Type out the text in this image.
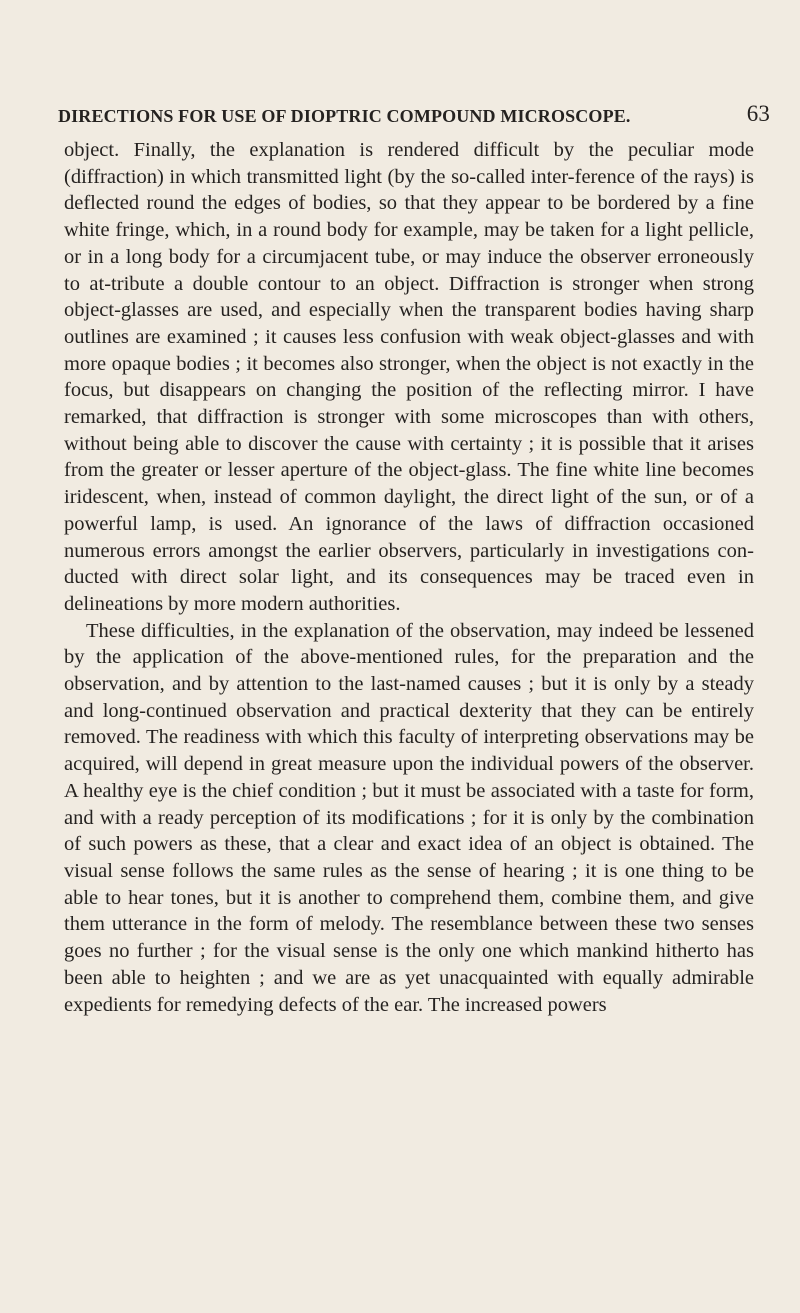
DIRECTIONS FOR USE OF DIOPTRIC COMPOUND MICROSCOPE.	63

object. Finally, the explanation is rendered difficult by the peculiar mode (diffraction) in which transmitted light (by the so-called inter-ference of the rays) is deflected round the edges of bodies, so that they appear to be bordered by a fine white fringe, which, in a round body for example, may be taken for a light pellicle, or in a long body for a circumjacent tube, or may induce the observer erroneously to at-tribute a double contour to an object. Diffraction is stronger when strong object-glasses are used, and especially when the transparent bodies having sharp outlines are examined ; it causes less confusion with weak object-glasses and with more opaque bodies ; it becomes also stronger, when the object is not exactly in the focus, but disappears on changing the position of the reflecting mirror. I have remarked, that diffraction is stronger with some microscopes than with others, without being able to discover the cause with certainty ; it is possible that it arises from the greater or lesser aperture of the object-glass. The fine white line becomes iridescent, when, instead of common daylight, the direct light of the sun, or of a powerful lamp, is used. An ignorance of the laws of diffraction occasioned numerous errors amongst the earlier observers, particularly in investigations con-ducted with direct solar light, and its consequences may be traced even in delineations by more modern authorities.

These difficulties, in the explanation of the observation, may indeed be lessened by the application of the above-mentioned rules, for the preparation and the observation, and by attention to the last-named causes ; but it is only by a steady and long-continued observation and practical dexterity that they can be entirely removed. The readiness with which this faculty of interpreting observations may be acquired, will depend in great measure upon the individual powers of the observer. A healthy eye is the chief condition ; but it must be associated with a taste for form, and with a ready perception of its modifications ; for it is only by the combination of such powers as these, that a clear and exact idea of an object is obtained. The visual sense follows the same rules as the sense of hearing ; it is one thing to be able to hear tones, but it is another to comprehend them, combine them, and give them utterance in the form of melody. The resemblance between these two senses goes no further ; for the visual sense is the only one which mankind hitherto has been able to heighten ; and we are as yet unacquainted with equally admirable expedients for remedying defects of the ear. The increased powers
